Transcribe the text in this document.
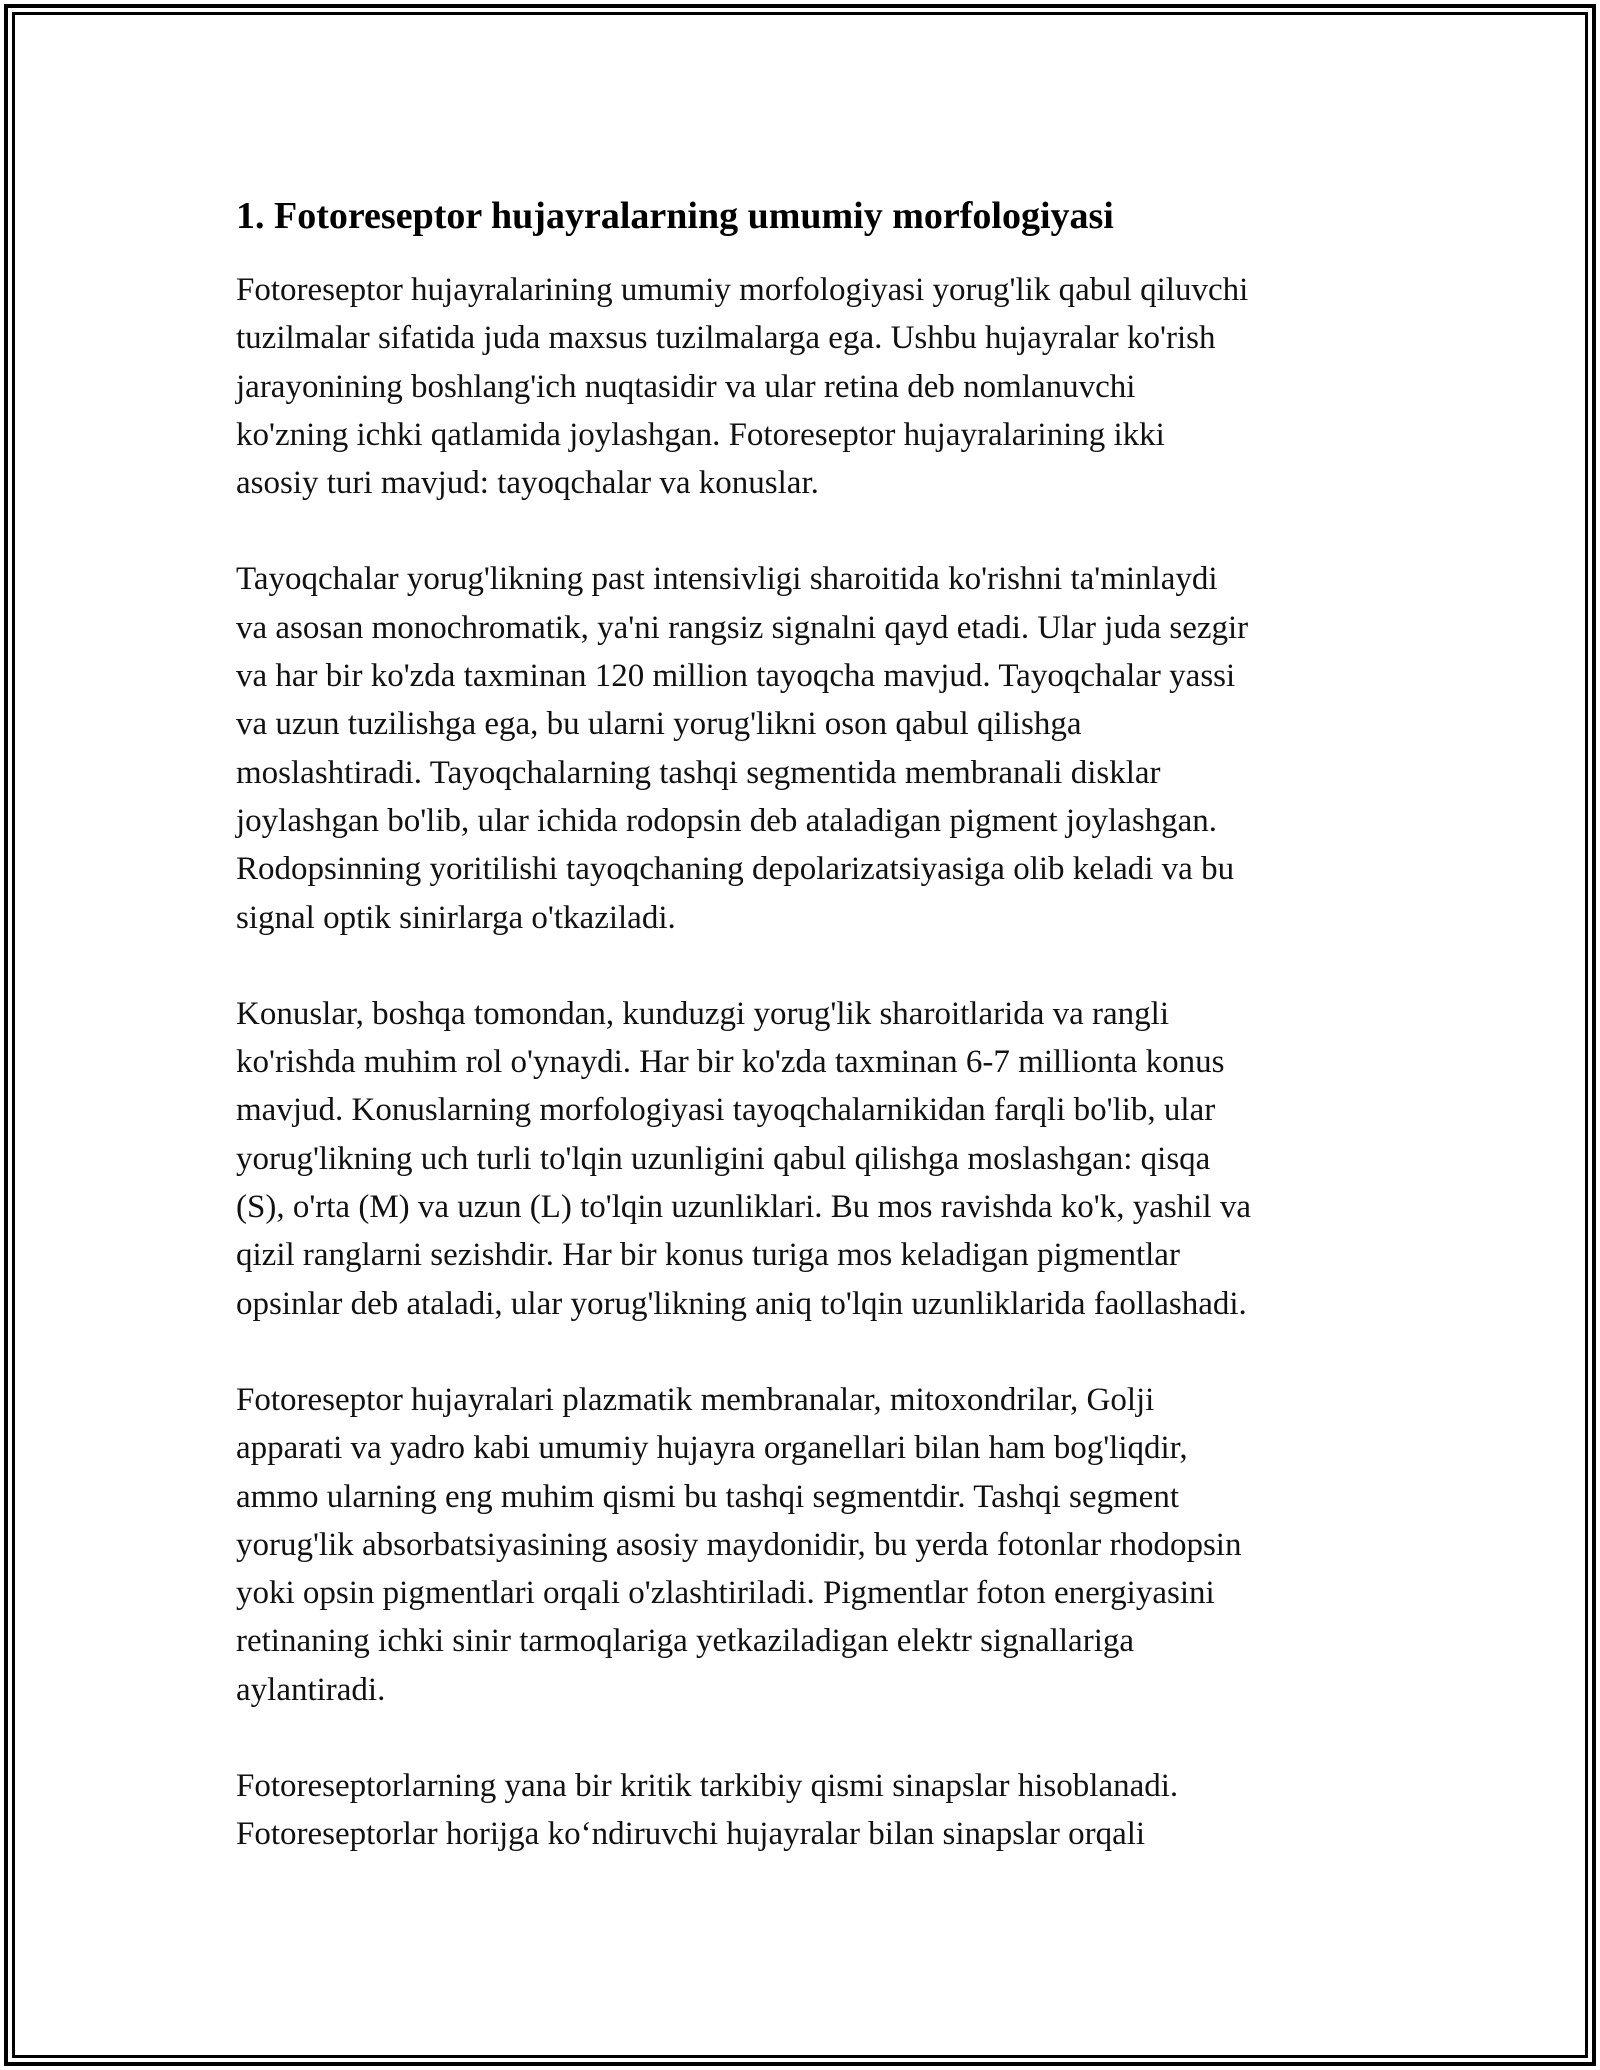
1. Fotoreseptor hujayralarning umumiy morfologiyasi

Fotoreseptor hujayralarining umumiy morfologiyasi yorug'lik qabul qiluvchi
tuzilmalar sifatida juda maxsus tuzilmalarga ega. Ushbu hujayralar ko'rish
jarayonining boshlang'ich nuqtasidir va ular retina deb nomlanuvchi
ko'zning ichki qatlamida joylashgan. Fotoreseptor hujayralarining ikki
asosiy turi mavjud: tayoqchalar va konuslar.

Tayoqchalar yorug'likning past intensivligi sharoitida ko'rishni ta'minlaydi
va asosan monochromatik, ya'ni rangsiz signalni qayd etadi. Ular juda sezgir
va har bir ko'zda taxminan 120 million tayoqcha mavjud. Tayoqchalar yassi
va uzun tuzilishga ega, bu ularni yorug'likni oson qabul qilishga
moslashtiradi. Tayoqchalarning tashqi segmentida membranali disklar
joylashgan bo'lib, ular ichida rodopsin deb ataladigan pigment joylashgan.
Rodopsinning yoritilishi tayoqchaning depolarizatsiyasiga olib keladi va bu
signal optik sinirlarga o'tkaziladi.

Konuslar, boshqa tomondan, kunduzgi yorug'lik sharoitlarida va rangli
ko'rishda muhim rol o'ynaydi. Har bir ko'zda taxminan 6-7 millionta konus
mavjud. Konuslarning morfologiyasi tayoqchalarnikidan farqli bo'lib, ular
yorug'likning uch turli to'lqin uzunligini qabul qilishga moslashgan: qisqa
(S), o'rta (M) va uzun (L) to'lqin uzunliklari. Bu mos ravishda ko'k, yashil va
qizil ranglarni sezishdir. Har bir konus turiga mos keladigan pigmentlar
opsinlar deb ataladi, ular yorug'likning aniq to'lqin uzunliklarida faollashadi.

Fotoreseptor hujayralari plazmatik membranalar, mitoxondrilar, Golji
apparati va yadro kabi umumiy hujayra organellari bilan ham bog'liqdir,
ammo ularning eng muhim qismi bu tashqi segmentdir. Tashqi segment
yorug'lik absorbatsiyasining asosiy maydonidir, bu yerda fotonlar rhodopsin
yoki opsin pigmentlari orqali o'zlashtiriladi. Pigmentlar foton energiyasini
retinaning ichki sinir tarmoqlariga yetkaziladigan elektr signallariga
aylantiradi.

Fotoreseptorlarning yana bir kritik tarkibiy qismi sinapslar hisoblanadi.
Fotoreseptorlar horijga ko‘ndiruvchi hujayralar bilan sinapslar orqali
